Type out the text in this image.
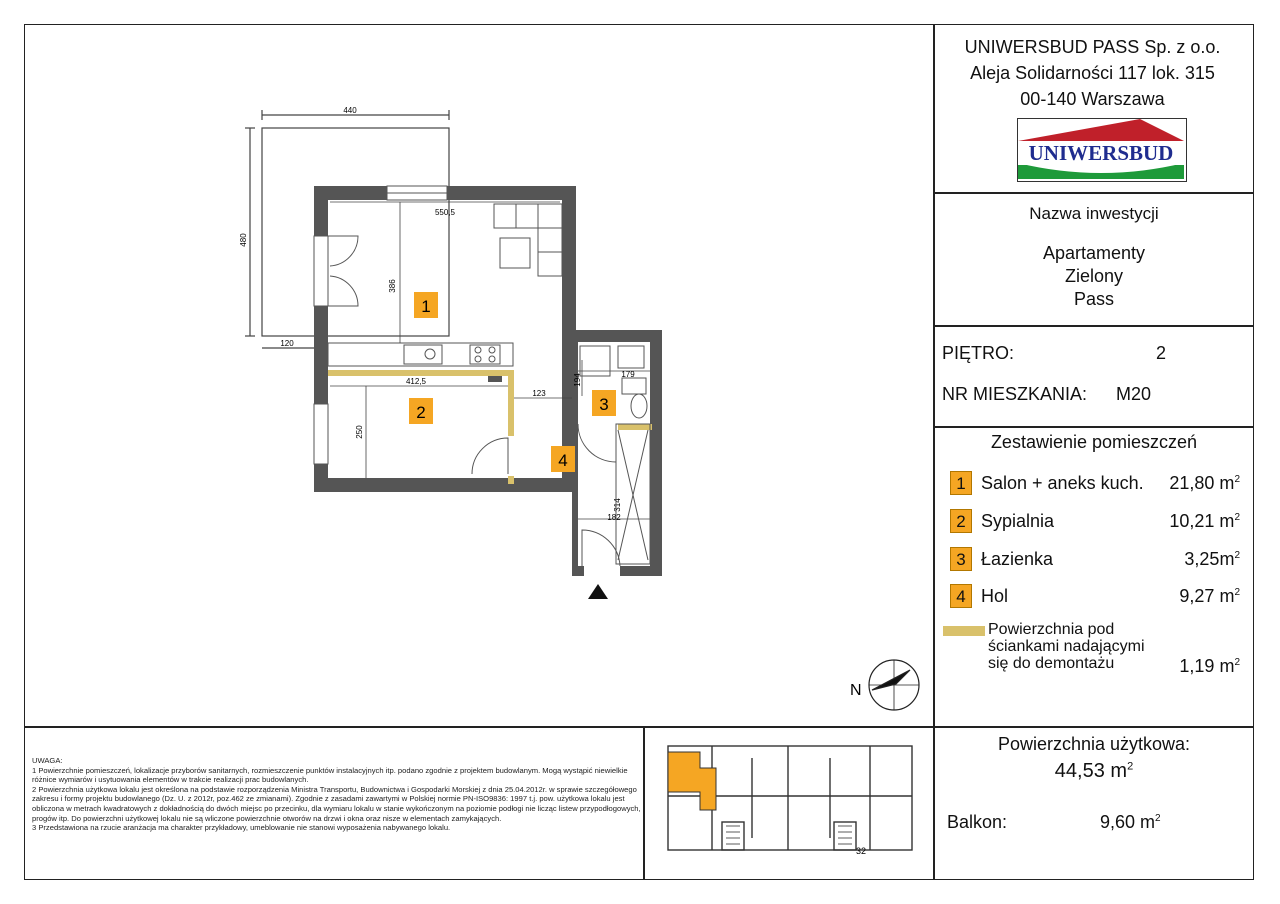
UNIWERSBUD PASS Sp. z o.o.
Aleja Solidarności 117 lok. 315
00-140 Warszawa
UNIWERSBUD
Nazwa inwestycji
Apartamenty
Zielony
Pass
PIĘTRO:	2
NR MIESZKANIA: M20
Zestawienie pomieszczeń
1 Salon + aneks kuch.	21,80 $m^2$
2 Sypialnia	10,21 $m^2$
3 Łazienka	$3,25m^2$
4 Hol	9,27 $m^2$
Powierzchnia pod
ściankami nadającymi
się do demontażu	1,19 $m^2$
Powierzchnia użytkowa:
44,53 $m^2$
Balkon:	9,60 $m^2$

UWAGA:

1 Powierzchnie pomieszczeń, lokalizacje przyborów sanitarnych, rozmieszczenie punktów instalacyjnych itp. podano zgodnie z projektem budowlanym. Mogą wystąpić niewielkie różnice wymiarów i usytuowania elementów w trakcie realizacji prac budowlanych.

2 Powierzchnia użytkowa lokalu jest określona na podstawie rozporządzenia Ministra Transportu, Budownictwa i Gospodarki Morskiej z dnia 25.04.2012r. w sprawie szczegółowego zakresu i formy projektu budowlanego (Dz. U. z 2012r, poz.462 ze zmianami). Zgodnie z zasadami zawartymi w Polskiej normie PN-ISO9836: 1997 t.j. pow. użytkowa lokalu jest obliczona w metrach kwadratowych z dokładnością do dwóch miejsc po przecinku, dla wymiaru lokalu w stanie wykończonym na poziomie podłogi nie licząc listew przypodłogowych, progów itp. Do powierzchni użytkowej lokalu nie są wliczone powierzchnie otworów na drzwi i okna oraz nisze w elementach zamykających.

3 Przedstawiona na rzucie aranżacja ma charakter przykładowy, umeblowanie nie stanowi wyposażenia nabywanego lokalu.

440
480
120
550,5
386
412,5
123
250
194	179
314
182
1
2	3
4
N
32
